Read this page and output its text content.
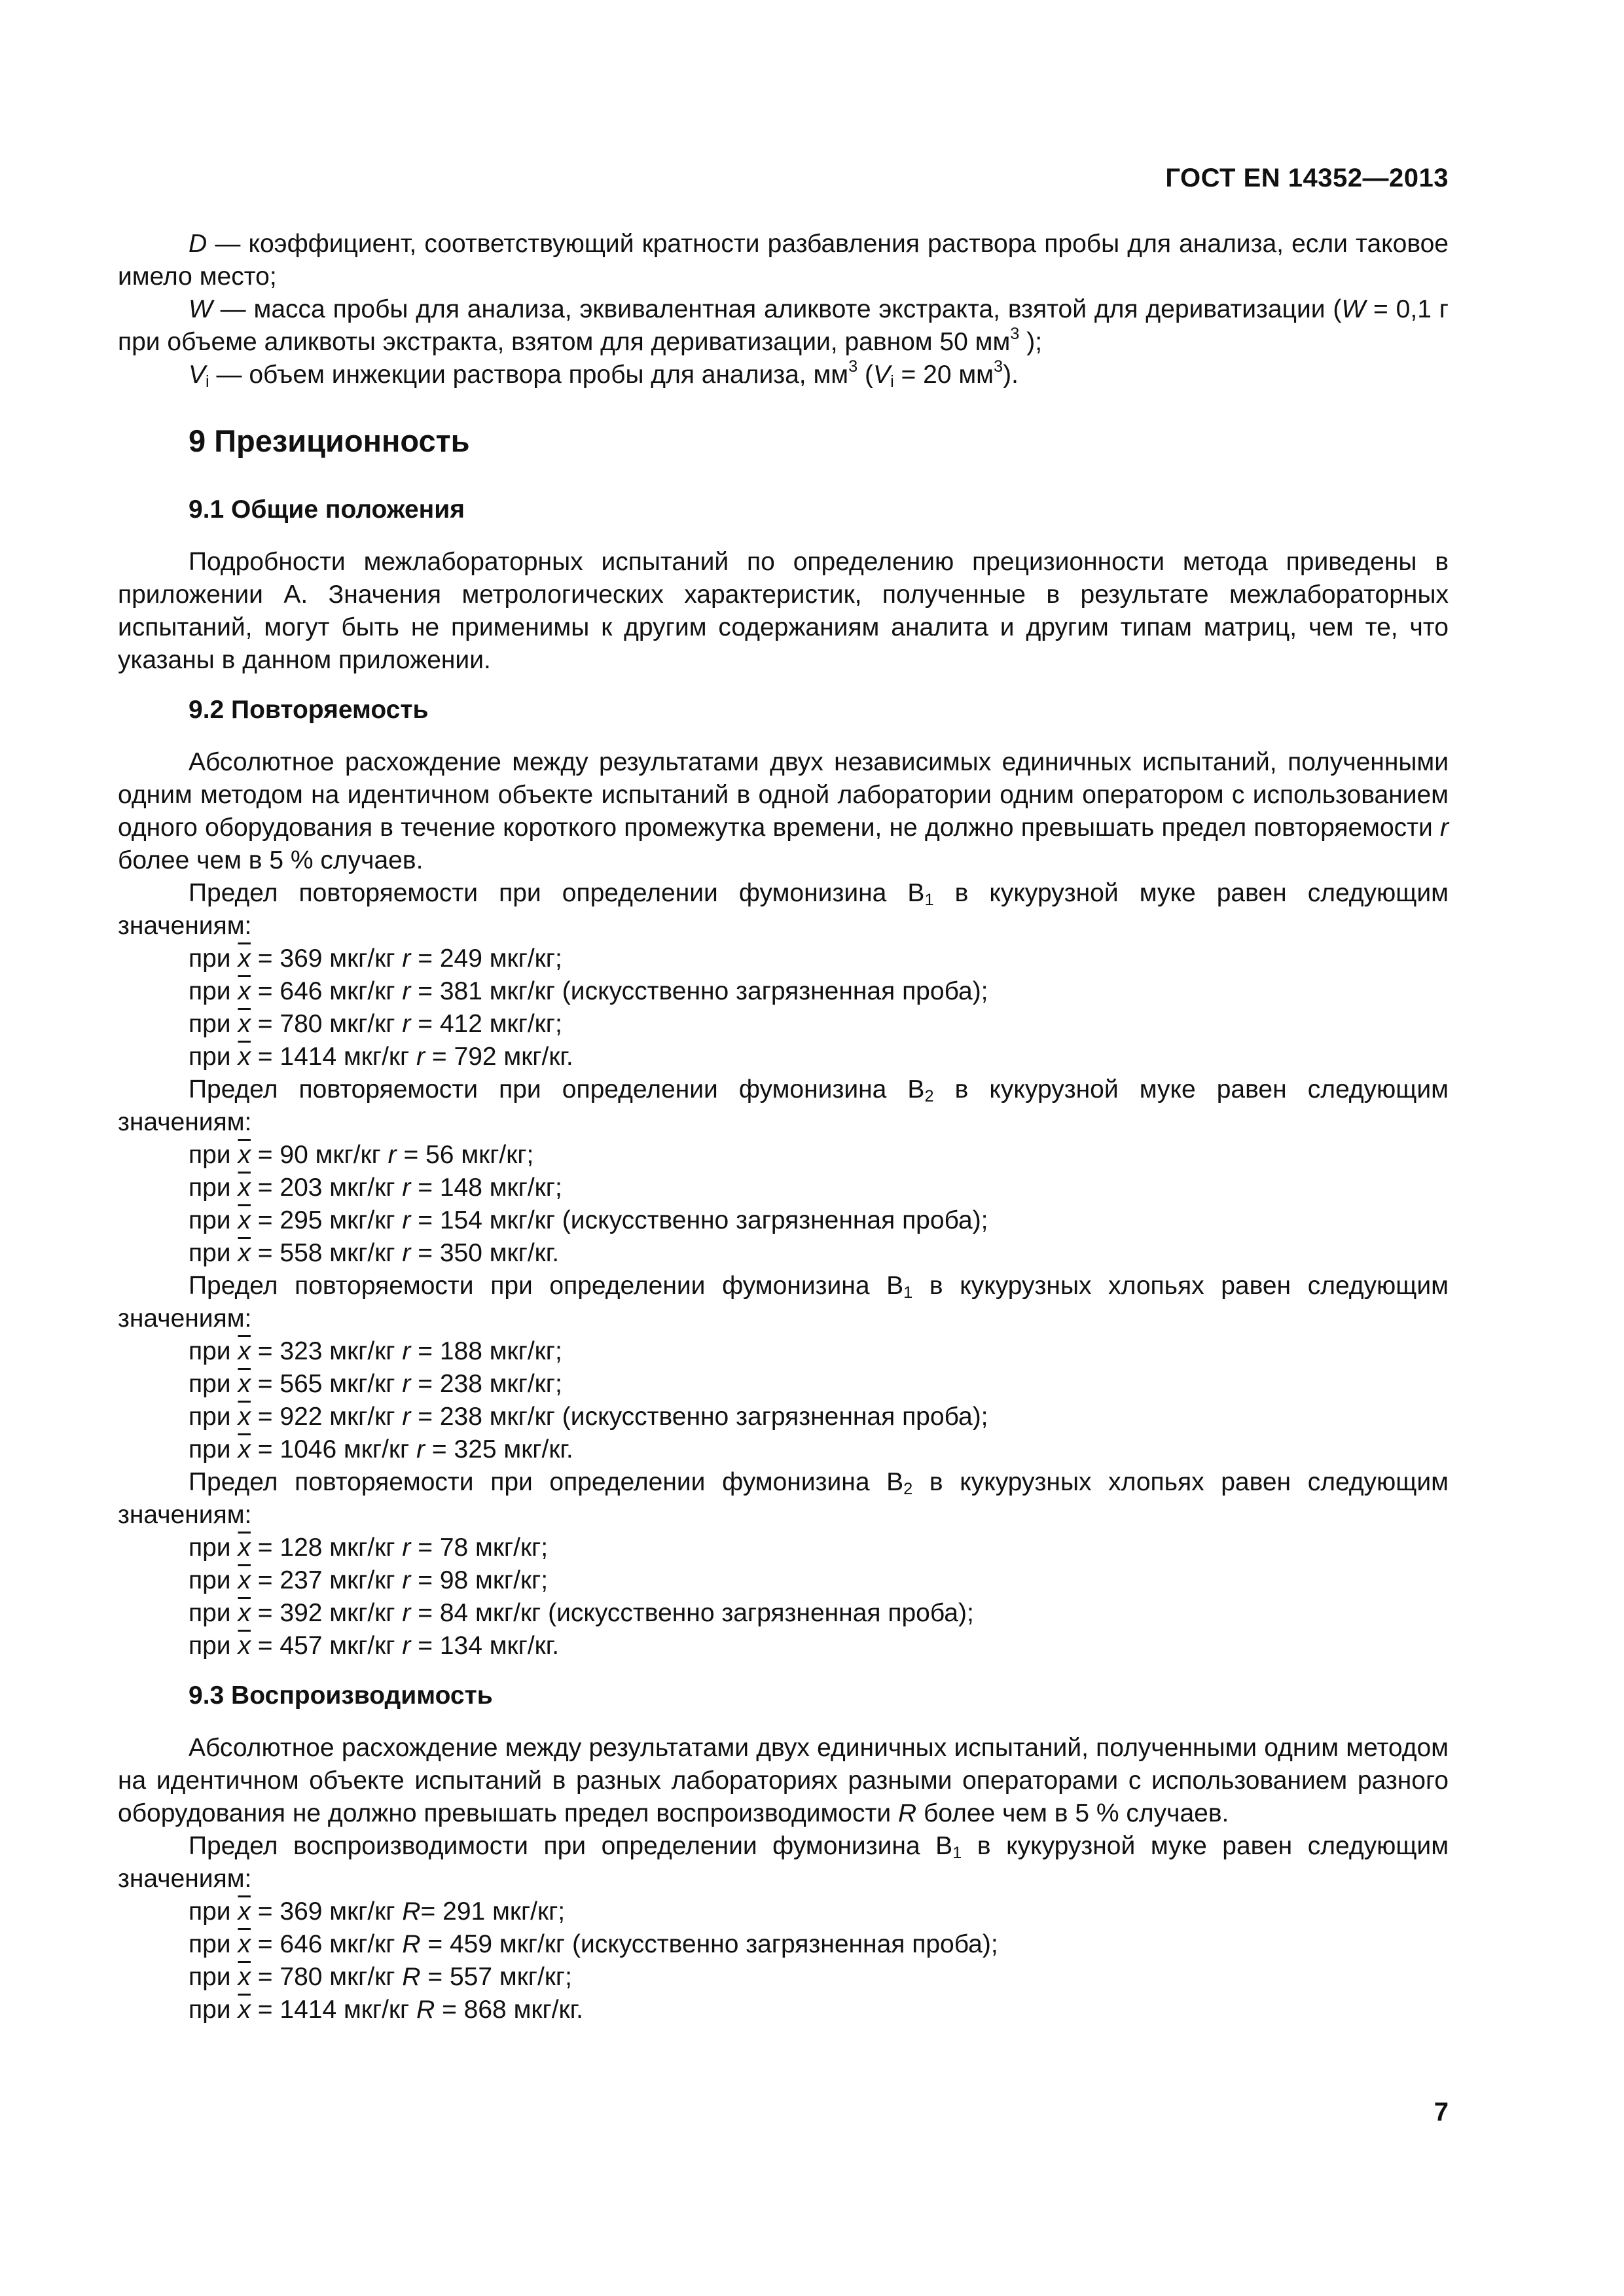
ГОСТ EN 14352—2013

D — коэффициент, соответствующий кратности разбавления раствора пробы для анализа, если таковое имело место;

W — масса пробы для анализа, эквивалентная аликвоте экстракта, взятой для дериватизации (W = 0,1 г при объеме аликвоты экстракта, взятом для дериватизации, равном 50 $мм^3$ );

$V_i$ — объем инжекции раствора пробы для анализа, $мм^3$ ($V_i = 20$ $мм^3$).

9 Презиционность
9.1 Общие положения

Подробности межлабораторных испытаний по определению прецизионности метода приведены в приложении А. Значения метрологических характеристик, полученные в результате межлабораторных испытаний, могут быть не применимы к другим содержаниям аналита и другим типам матриц, чем те, что указаны в данном приложении.

9.2 Повторяемость

Абсолютное расхождение между результатами двух независимых единичных испытаний, полученными одним методом на идентичном объекте испытаний в одной лаборатории одним оператором с использованием одного оборудования в течение короткого промежутка времени, не должно превышать предел повторяемости r более чем в 5 % случаев.

Предел повторяемости при определении фумонизина $В_1$ в кукурузной муке равен следующим значениям:

при $\overline{x} = 369$ мкг/кг r = 249 мкг/кг;

при $\overline{x} = 646$ мкг/кг r = 381 мкг/кг (искусственно загрязненная проба);

при $\overline{x} = 780$ мкг/кг r = 412 мкг/кг;

при $\overline{x} = 1414$ мкг/кг r = 792 мкг/кг.

Предел повторяемости при определении фумонизина $В_2$ в кукурузной муке равен следующим значениям:

при $\overline{x} = 90$ мкг/кг r = 56 мкг/кг;

при $\overline{x} = 203$ мкг/кг r = 148 мкг/кг;

при $\overline{x} = 295$ мкг/кг r = 154 мкг/кг (искусственно загрязненная проба);

при $\overline{x} = 558$ мкг/кг r = 350 мкг/кг.

Предел повторяемости при определении фумонизина $В_1$ в кукурузных хлопьях равен следующим значениям:

при $\overline{x} = 323$ мкг/кг r = 188 мкг/кг;

при $\overline{x} = 565$ мкг/кг r = 238 мкг/кг;

при $\overline{x} = 922$ мкг/кг r = 238 мкг/кг (искусственно загрязненная проба);

при $\overline{x} = 1046$ мкг/кг r = 325 мкг/кг.

Предел повторяемости при определении фумонизина $В_2$ в кукурузных хлопьях равен следующим значениям:

при $\overline{x} = 128$ мкг/кг r = 78 мкг/кг;

при $\overline{x} = 237$ мкг/кг r = 98 мкг/кг;

при $\overline{x} = 392$ мкг/кг r = 84 мкг/кг (искусственно загрязненная проба);

при $\overline{x} = 457$ мкг/кг r = 134 мкг/кг.

9.3 Воспроизводимость

Абсолютное расхождение между результатами двух единичных испытаний, полученными одним методом на идентичном объекте испытаний в разных лабораториях разными операторами с использованием разного оборудования не должно превышать предел воспроизводимости R более чем в 5 % случаев.

Предел воспроизводимости при определении фумонизина $В_1$ в кукурузной муке равен следующим значениям:

при $\overline{x} = 369$ мкг/кг R= 291 мкг/кг;

при $\overline{x} = 646$ мкг/кг R = 459 мкг/кг (искусственно загрязненная проба);

при $\overline{x} = 780$ мкг/кг R = 557 мкг/кг;

при $\overline{x} = 1414$ мкг/кг R = 868 мкг/кг.

7
